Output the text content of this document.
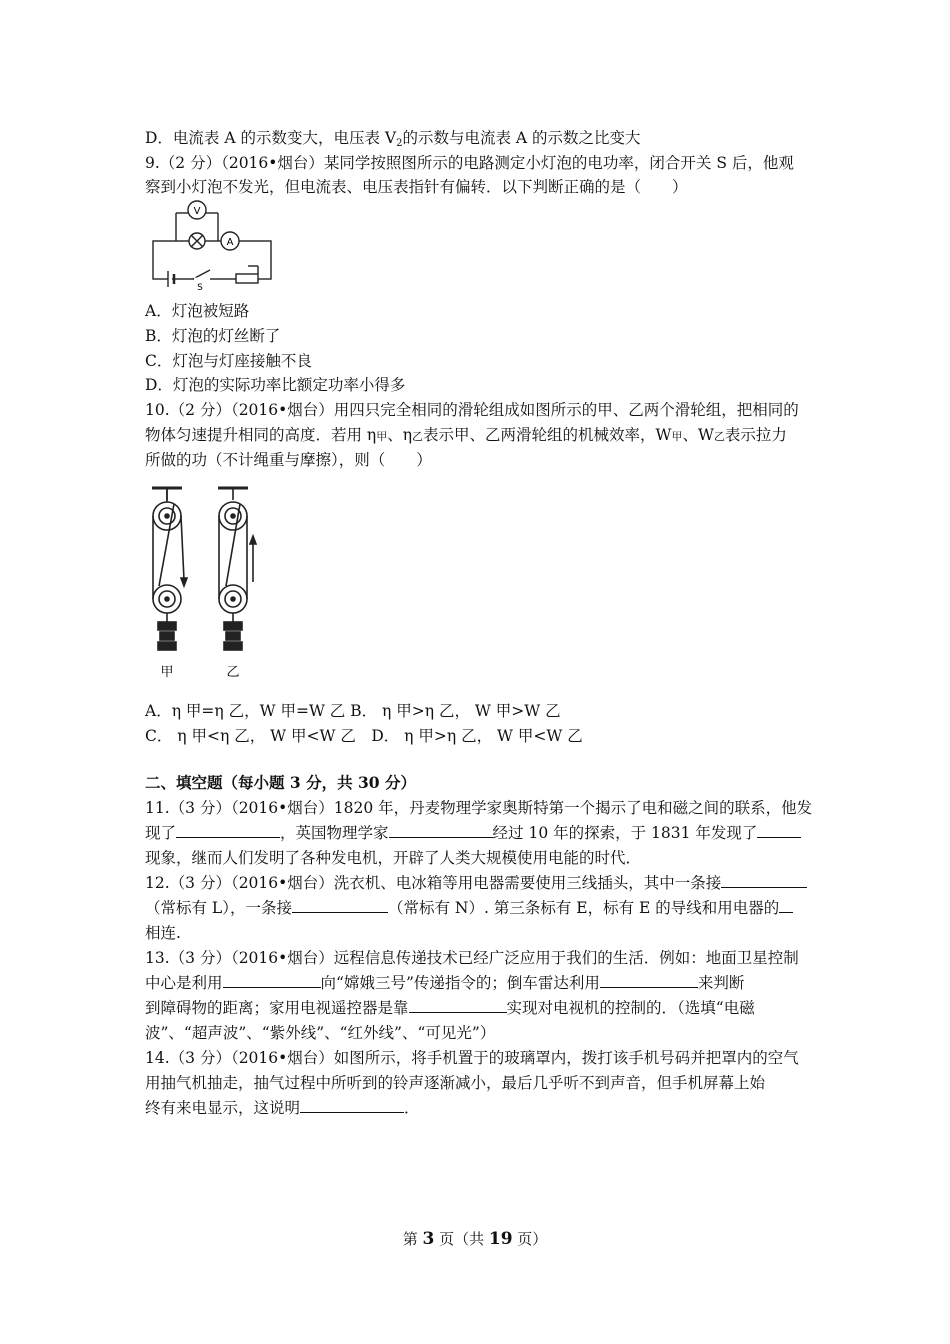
D．电流表 A 的示数变大，电压表 $V_2$的示数与电流表 A 的示数之比变大
9.（2 分）（2016•烟台）某同学按照图所示的电路测定小灯泡的电功率，闭合开关 S 后，他观
察到小灯泡不发光，但电流表、电压表指针有偏转．以下判断正确的是（　　）
V
A
S
A．灯泡被短路
B．灯泡的灯丝断了
C．灯泡与灯座接触不良
D．灯泡的实际功率比额定功率小得多
10.（2 分）（2016•烟台）用四只完全相同的滑轮组成如图所示的甲、乙两个滑轮组，把相同的
物体匀速提升相同的高度．若用 η甲、η乙表示甲、乙两滑轮组的机械效率，W甲、W乙表示拉力
所做的功（不计绳重与摩擦），则（　　）
甲	乙
A．η 甲=η 乙，W 甲=W 乙 B． η 甲>η 乙， W 甲>W 乙
C． η 甲<η 乙， W 甲<W 乙　D． η 甲>η 乙， W 甲<W 乙
二、填空题（每小题 3 分，共 30 分）
11.（3 分）（2016•烟台）1820 年，丹麦物理学家奥斯特第一个揭示了电和磁之间的联系，他发
现了	，英国物理学家	经过 10 年的探索，于 1831 年发现了
现象，继而人们发明了各种发电机，开辟了人类大规模使用电能的时代．
12.（3 分）（2016•烟台）洗衣机、电冰箱等用电器需要使用三线插头，其中一条接
（常标有 L），一条接	（常标有 N）. 第三条标有 E，标有 E 的导线和用电器的
相连.
13.（3 分）（2016•烟台）远程信息传递技术已经广泛应用于我们的生活．例如：地面卫星控制
中心是利用	向“嫦娥三号”传递指令的；倒车雷达利用	来判断
到障碍物的距离；家用电视遥控器是靠	实现对电视机的控制的．（选填“电磁
波”、“超声波”、“紫外线”、“红外线”、“可见光”）
14.（3 分）（2016•烟台）如图所示，将手机置于的玻璃罩内，拨打该手机号码并把罩内的空气
用抽气机抽走，抽气过程中所听到的铃声逐渐减小，最后几乎听不到声音，但手机屏幕上始
终有来电显示，这说明	．
第 3 页（共 19 页）
